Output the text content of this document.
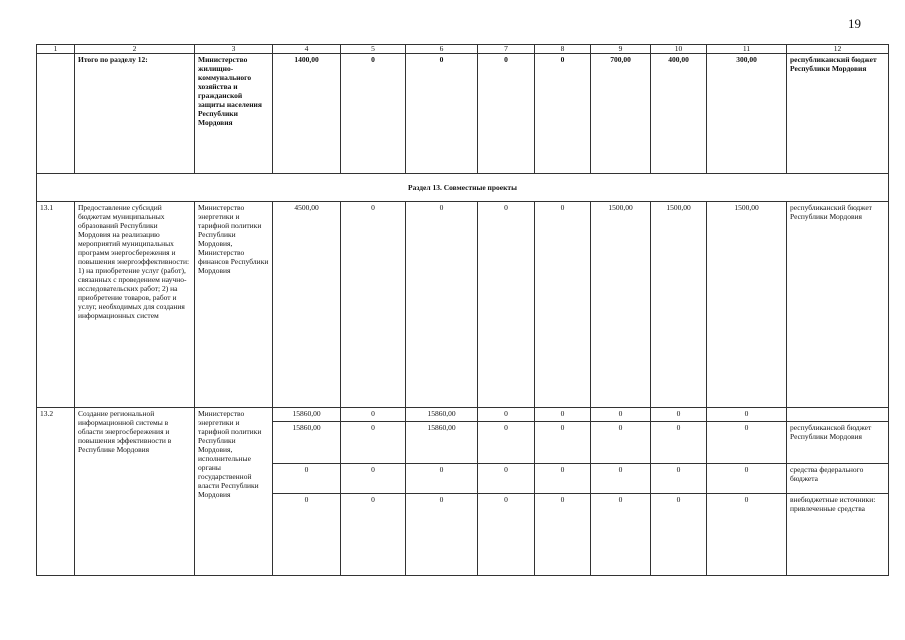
19
1	2	3	4	5	6	7	8	9	10	11	12
	Итого по разделу 12:	Министерство жилищно-коммунального хозяйства и гражданской защиты населения Республики Мордовия	1400,00	0	0	0	0	700,00	400,00	300,00	республиканский бюджет Республики Мордовия
Раздел 13. Совместные проекты											
13.1	Предоставление субсидий бюджетам муниципальных образований Республики Мордовия на реализацию мероприятий муниципальных программ энергосбережения и повышения энергоэффективности: 1) на приобретение услуг (работ), связанных с проведением научно-исследовательских работ; 2) на приобретение товаров, работ и услуг, необходимых для создания информационных систем	Министерство энергетики и тарифной политики Республики Мордовия, Министерство финансов Республики Мордовия	4500,00	0	0	0	0	1500,00	1500,00	1500,00	республиканский бюджет Республики Мордовия
13.2	Создание региональной информационной системы в области энергосбережения и повышения эффективности в Республике Мордовия	Министерство энергетики и тарифной политики Республики Мордовия, исполнительные органы государственной власти Республики Мордовия	15860,00	0	15860,00	0	0	0	0	0	
			15860,00	0	15860,00	0	0	0	0	0	республиканской бюджет Республики Мордовия
			0	0	0	0	0	0	0	0	средства федерального бюджета
			0	0	0	0	0	0	0	0	внебюджетные источники: привлеченные средства
